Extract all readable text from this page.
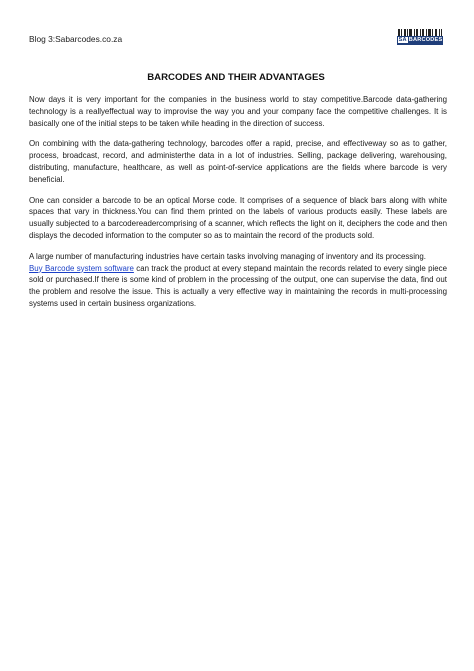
Blog 3:Sabarcodes.co.za	SA BARCODES
BARCODES AND THEIR ADVANTAGES

Now days it is very important for the companies in the business world to stay competitive.Barcode data-gathering technology is a reallyeffectual way to improvise the way you and your company face the competitive challenges. It is basically one of the initial steps to be taken while heading in the direction of success.

On combining with the data-gathering technology, barcodes offer a rapid, precise, and effectiveway so as to gather, process, broadcast, record, and administerthe data in a lot of industries. Selling, package delivering, warehousing, distributing, manufacture, healthcare, as well as point-of-service applications are the fields where barcode is very beneficial.

One can consider a barcode to be an optical Morse code. It comprises of a sequence of black bars along with white spaces that vary in thickness.You can find them printed on the labels of various products easily. These labels are usually subjected to a barcodereadercomprising of a scanner, which reflects the light on it, deciphers the code and then displays the decoded information to the computer so as to maintain the record of the products sold.

A large number of manufacturing industries have certain tasks involving managing of inventory and its processing.
Buy Barcode system software can track the product at every stepand maintain the records related to every single piece sold or purchased.If there is some kind of problem in the processing of the output, one can supervise the data, find out the problem and resolve the issue. This is actually a very effective way in maintaining the records in multi-processing systems used in certain business organizations.
